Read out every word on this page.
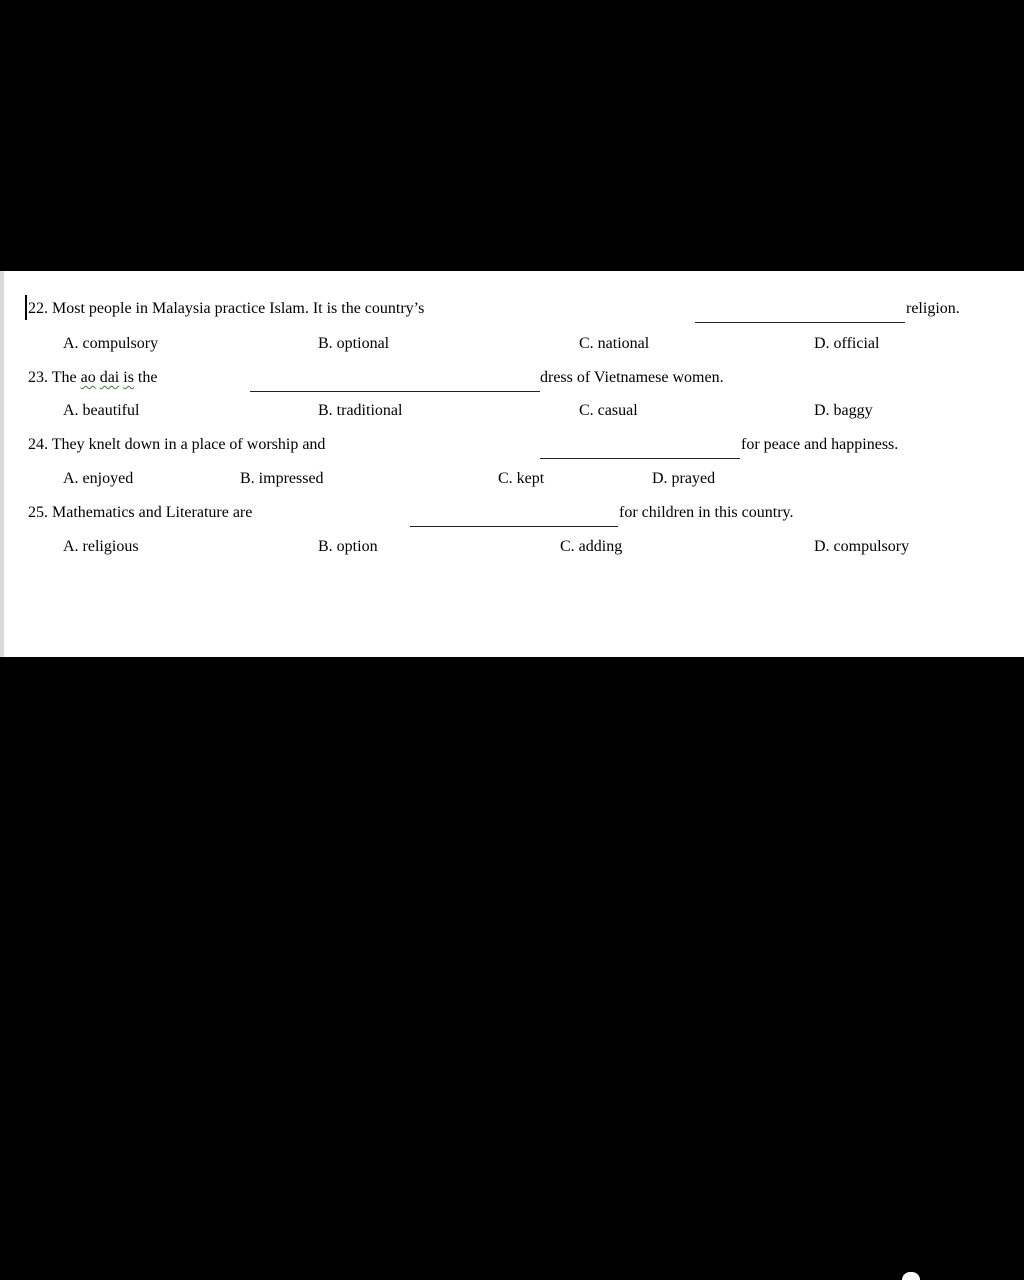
22. Most people in Malaysia practice Islam. It is the country’s	religion.
A. compulsory	B. optional	C. national	D. official
23. The ao dai is the	dress of Vietnamese women.
A. beautiful	B. traditional	C. casual	D. baggy
24. They knelt down in a place of worship and	for peace and happiness.
A. enjoyed	B. impressed	C. kept	D. prayed
25. Mathematics and Literature are	for children in this country.
A. religious	B. option	C. adding	D. compulsory
